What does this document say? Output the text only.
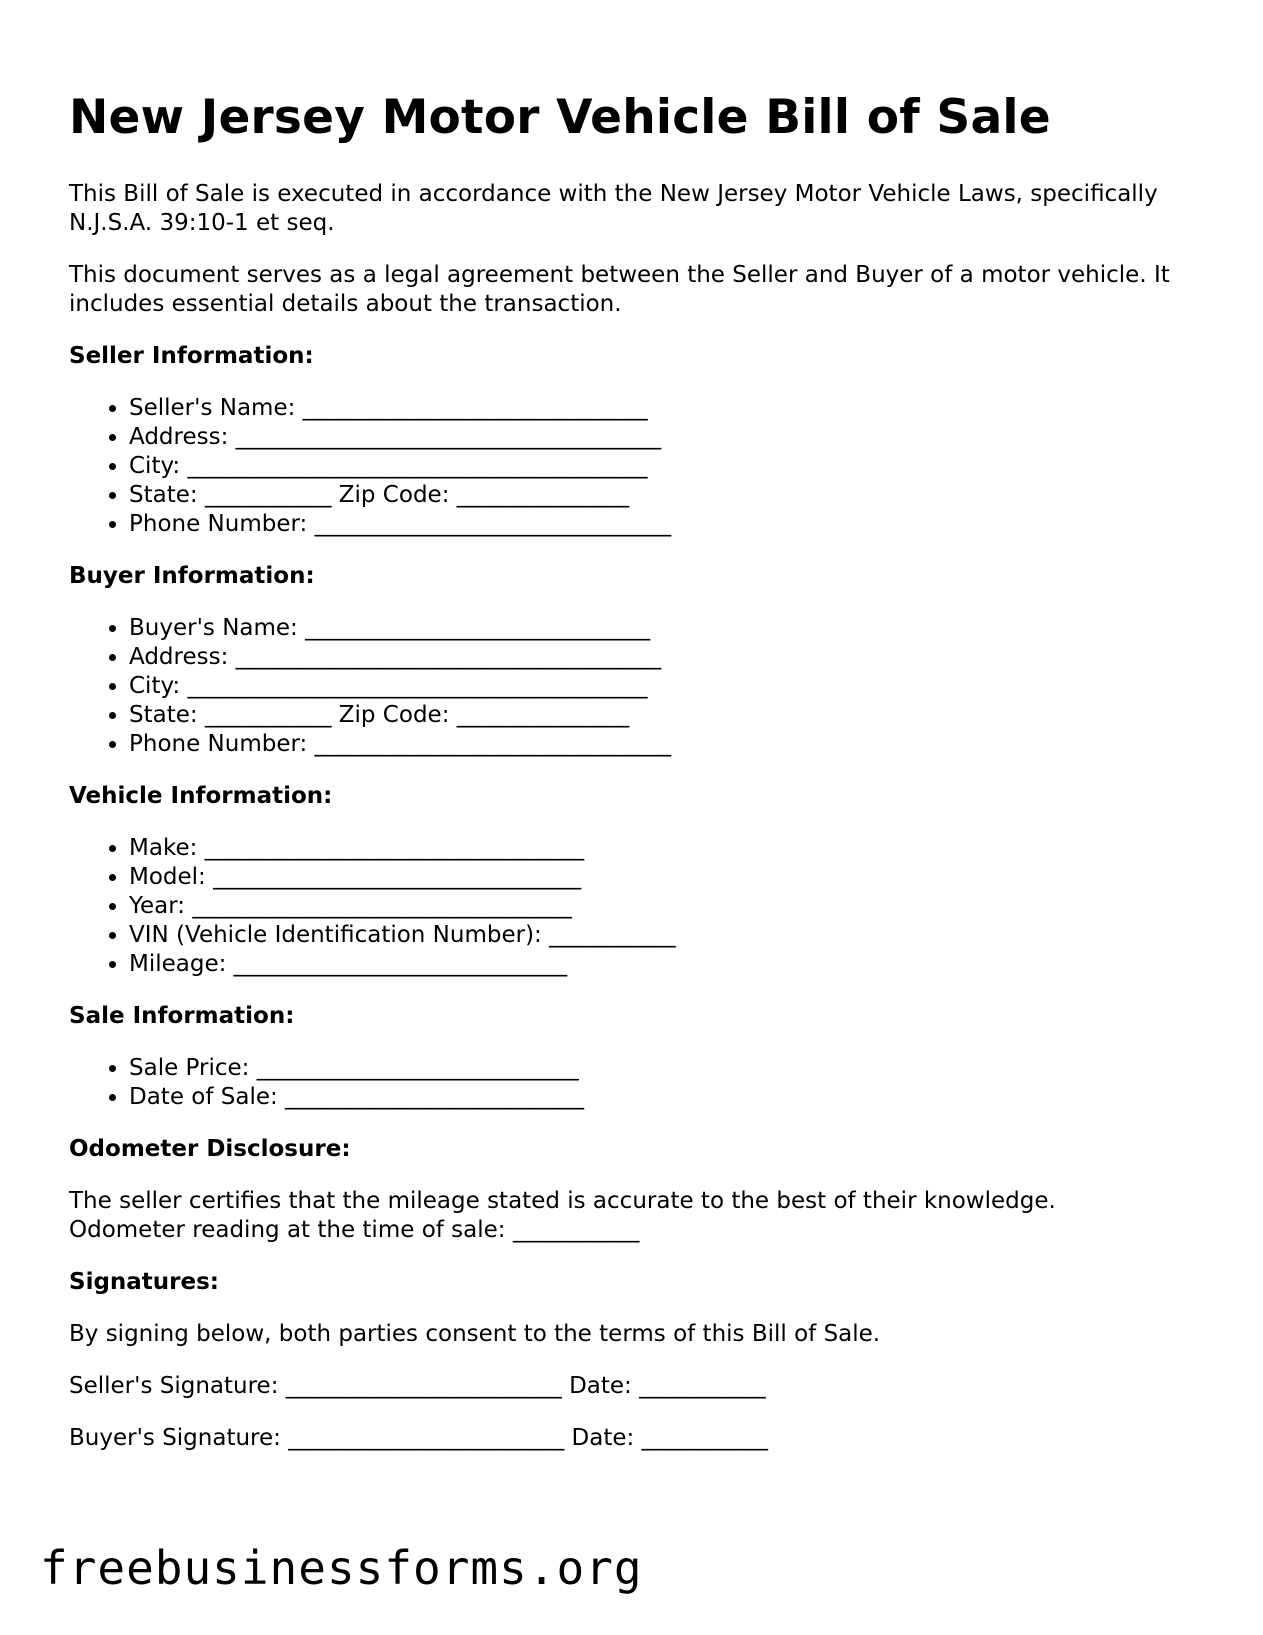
New Jersey Motor Vehicle Bill of Sale

This Bill of Sale is executed in accordance with the New Jersey Motor Vehicle Laws, specifically N.J.S.A. 39:10-1 et seq.

This document serves as a legal agreement between the Seller and Buyer of a motor vehicle. It includes essential details about the transaction.

Seller Information:
• Seller's Name: ______________________________
• Address: _____________________________________
• City: ________________________________________
• State: ___________ Zip Code: _______________
• Phone Number: _______________________________
Buyer Information:
• Buyer's Name: ______________________________
• Address: _____________________________________
• City: ________________________________________
• State: ___________ Zip Code: _______________
• Phone Number: _______________________________
Vehicle Information:
• Make: _________________________________
• Model: ________________________________
• Year: _________________________________
• VIN (Vehicle Identification Number): ___________
• Mileage: _____________________________
Sale Information:
• Sale Price: ____________________________
• Date of Sale: __________________________
Odometer Disclosure:

The seller certifies that the mileage stated is accurate to the best of their knowledge.
Odometer reading at the time of sale: ___________

Signatures:

By signing below, both parties consent to the terms of this Bill of Sale.

Seller's Signature: ________________________ Date: ___________
Buyer's Signature: ________________________ Date: ___________
freebusinessforms.org
